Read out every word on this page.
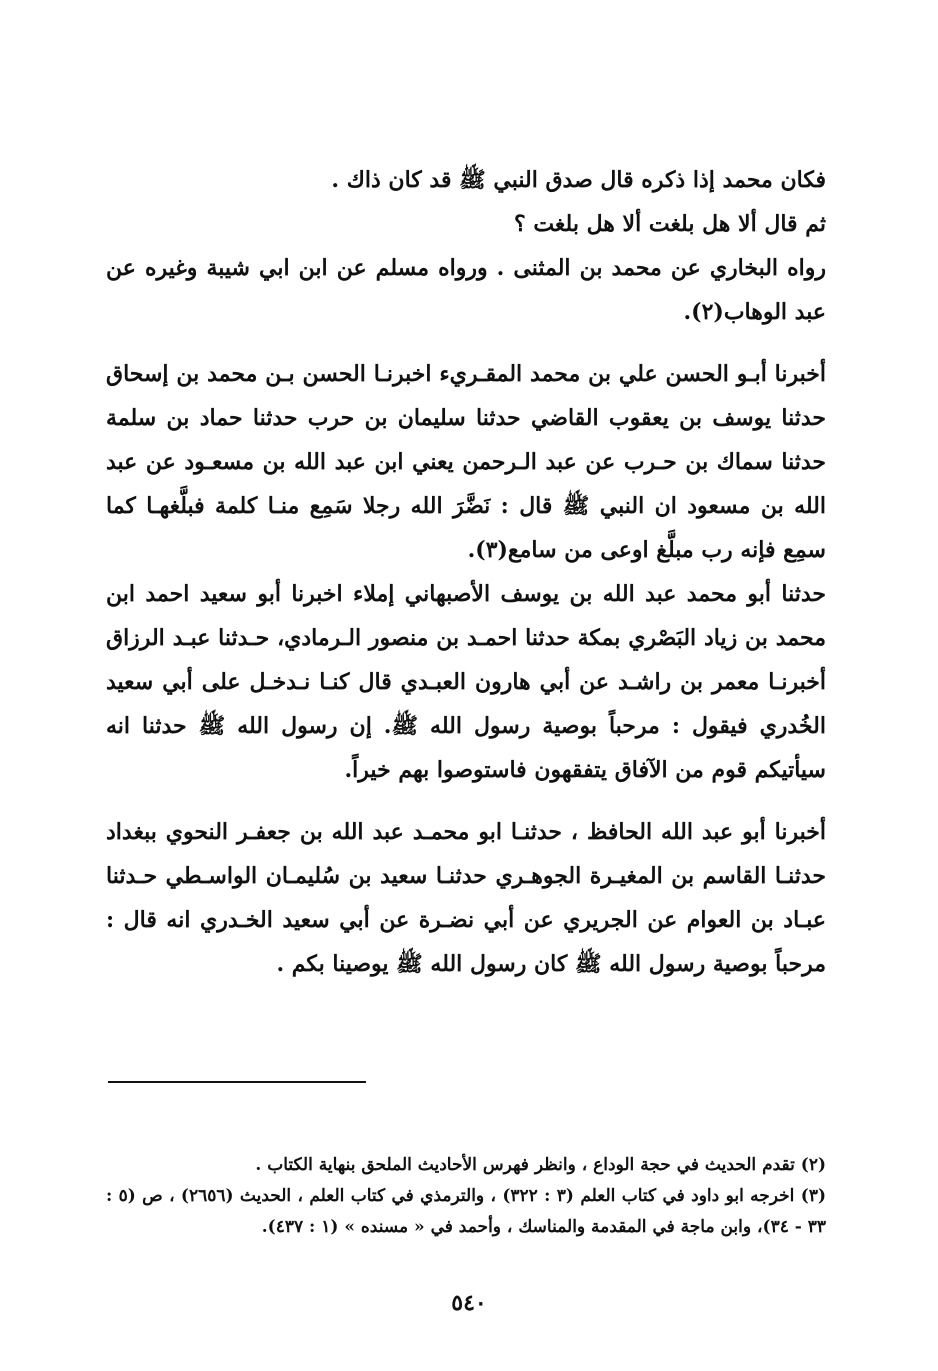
فكان محمد إذا ذكره قال صدق النبي ﷺ قد كان ذاك .

ثم قال ألا هل بلغت ألا هل بلغت ؟

رواه البخاري عن محمد بن المثنى . ورواه مسلم عن ابن ابي شيبة وغيره عن عبد الوهاب(٢).

أخبرنا أبـو الحسن علي بن محمد المقـريء اخبرنـا الحسن بـن محمد بن إسحاق حدثنا يوسف بن يعقوب القاضي حدثنا سليمان بن حرب حدثنا حماد بن سلمة حدثنا سماك بن حـرب عن عبد الـرحمن يعني ابن عبد الله بن مسعـود عن عبد الله بن مسعود ان النبي ﷺ قال : نَضَّرَ الله رجلا سَمِع منـا كلمة فبلَّغهـا كما سمِع فإنه رب مبلَّغ اوعى من سامع(٣).

حدثنا أبو محمد عبد الله بن يوسف الأصبهاني إملاء اخبرنا أبو سعيد احمد ابن محمد بن زياد البَصْري بمكة حدثنا احمـد بن منصور الـرمادي، حـدثنا عبـد الرزاق أخبرنـا معمر بن راشـد عن أبي هارون العبـدي قال كنـا نـدخـل على أبي سعيد الخُدري فيقول : مرحباً بوصية رسول الله ﷺ. إن رسول الله ﷺ حدثنا انه سيأتيكم قوم من الآفاق يتفقهون فاستوصوا بهم خيراً.

أخبرنا أبو عبد الله الحافظ ، حدثنـا ابو محمـد عبد الله بن جعفـر النحوي ببغداد حدثنـا القاسم بن المغيـرة الجوهـري حدثنـا سعيد بن سُليمـان الواسـطي حـدثنا عبـاد بن العوام عن الجريري عن أبي نضـرة عن أبي سعيد الخـدري انه قال : مرحباً بوصية رسول الله ﷺ كان رسول الله ﷺ يوصينا بكم .

(٢) تقدم الحديث في حجة الوداع ، وانظر فهرس الأحاديث الملحق بنهاية الكتاب .

(٣) اخرجه ابو داود في كتاب العلم (٣ : ٣٢٢) ، والترمذي في كتاب العلم ، الحديث (٢٦٥٦) ، ص (٥ : ٣٣ - ٣٤)، وابن ماجة في المقدمة والمناسك ، وأحمد في « مسنده » (١ : ٤٣٧).

٥٤٠
